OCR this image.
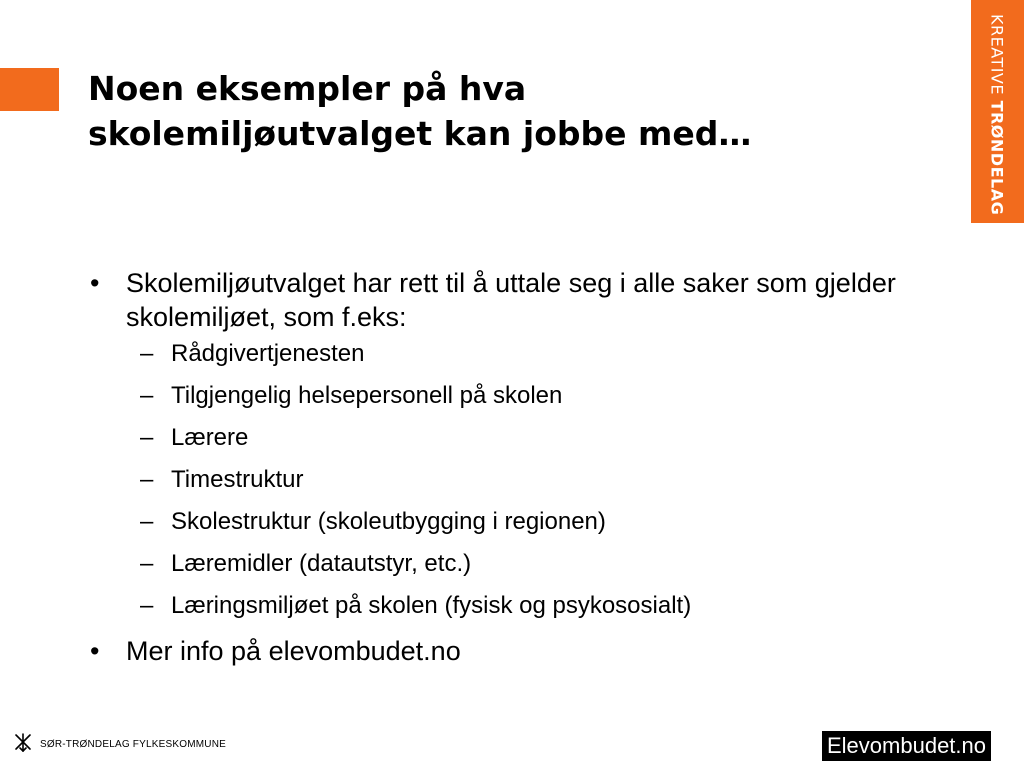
Noen eksempler på hva
skolemiljøutvalget kan jobbe med…
KREATIVE TRØNDELAG
• Skolemiljøutvalget har rett til å uttale seg i alle saker som gjelder skolemiljøet, som f.eks:
– Rådgivertjenesten
– Tilgjengelig helsepersonell på skolen
– Lærere
– Timestruktur
– Skolestruktur (skoleutbygging i regionen)
– Læremidler (datautstyr, etc.)
– Læringsmiljøet på skolen (fysisk og psykososialt)
• Mer info på elevombudet.no
SØR-TRØNDELAG FYLKESKOMMUNE	Elevombudet.no
